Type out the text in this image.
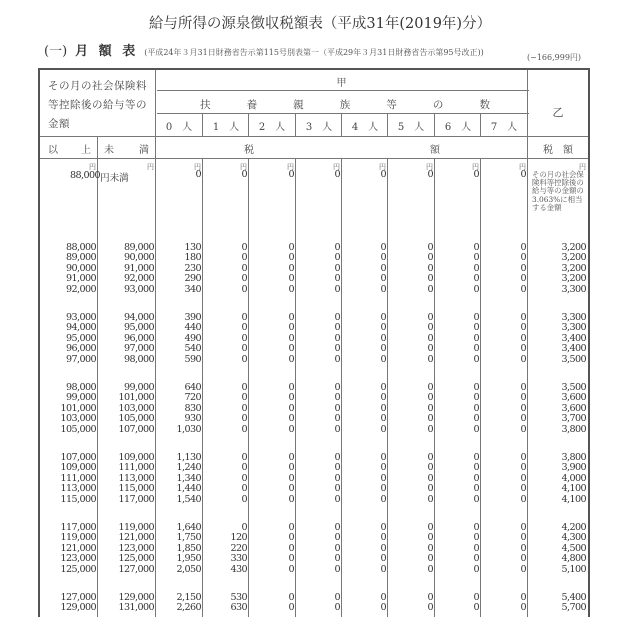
給与所得の源泉徴収税額表（平成31年(2019年)分）
(一) 月 額 表 (平成24年３月31日財務省告示第115号別表第一（平成29年３月31日財務省告示第95号改正))
(~166,999円)
その月の社会保険料等控除後の給与等の金額
甲
扶	養	親	族	等	の	数
0　人	1　人	2　人	3　人	4　人	5　人	6　人	7　人
乙
以　　上	未　　満	税	額	税　額
円	円	円	円	円	円	円	円	円	円	円
88,000 円未満	0	0	0	0	0	0	0	0 その月の社会保険料等控除後の給与等の金額の3.063%に相当する金額
88,000	89,000	130	0	0	0	0	0	0	0	3,200
89,000	90,000	180	0	0	0	0	0	0	0	3,200
90,000	91,000	230	0	0	0	0	0	0	0	3,200
91,000	92,000	290	0	0	0	0	0	0	0	3,200
92,000	93,000	340	0	0	0	0	0	0	0	3,300
93,000	94,000	390	0	0	0	0	0	0	0	3,300
94,000	95,000	440	0	0	0	0	0	0	0	3,300
95,000	96,000	490	0	0	0	0	0	0	0	3,400
96,000	97,000	540	0	0	0	0	0	0	0	3,400
97,000	98,000	590	0	0	0	0	0	0	0	3,500
98,000	99,000	640	0	0	0	0	0	0	0	3,500
99,000	101,000	720	0	0	0	0	0	0	0	3,600
101,000	103,000	830	0	0	0	0	0	0	0	3,600
103,000	105,000	930	0	0	0	0	0	0	0	3,700
105,000	107,000	1,030	0	0	0	0	0	0	0	3,800
107,000	109,000	1,130	0	0	0	0	0	0	0	3,800
109,000	111,000	1,240	0	0	0	0	0	0	0	3,900
111,000	113,000	1,340	0	0	0	0	0	0	0	4,000
113,000	115,000	1,440	0	0	0	0	0	0	0	4,100
115,000	117,000	1,540	0	0	0	0	0	0	0	4,100
117,000	119,000	1,640	0	0	0	0	0	0	0	4,200
119,000	121,000	1,750	120	0	0	0	0	0	0	4,300
121,000	123,000	1,850	220	0	0	0	0	0	0	4,500
123,000	125,000	1,950	330	0	0	0	0	0	0	4,800
125,000	127,000	2,050	430	0	0	0	0	0	0	5,100
127,000	129,000	2,150	530	0	0	0	0	0	0	5,400
129,000	131,000	2,260	630	0	0	0	0	0	0	5,700
